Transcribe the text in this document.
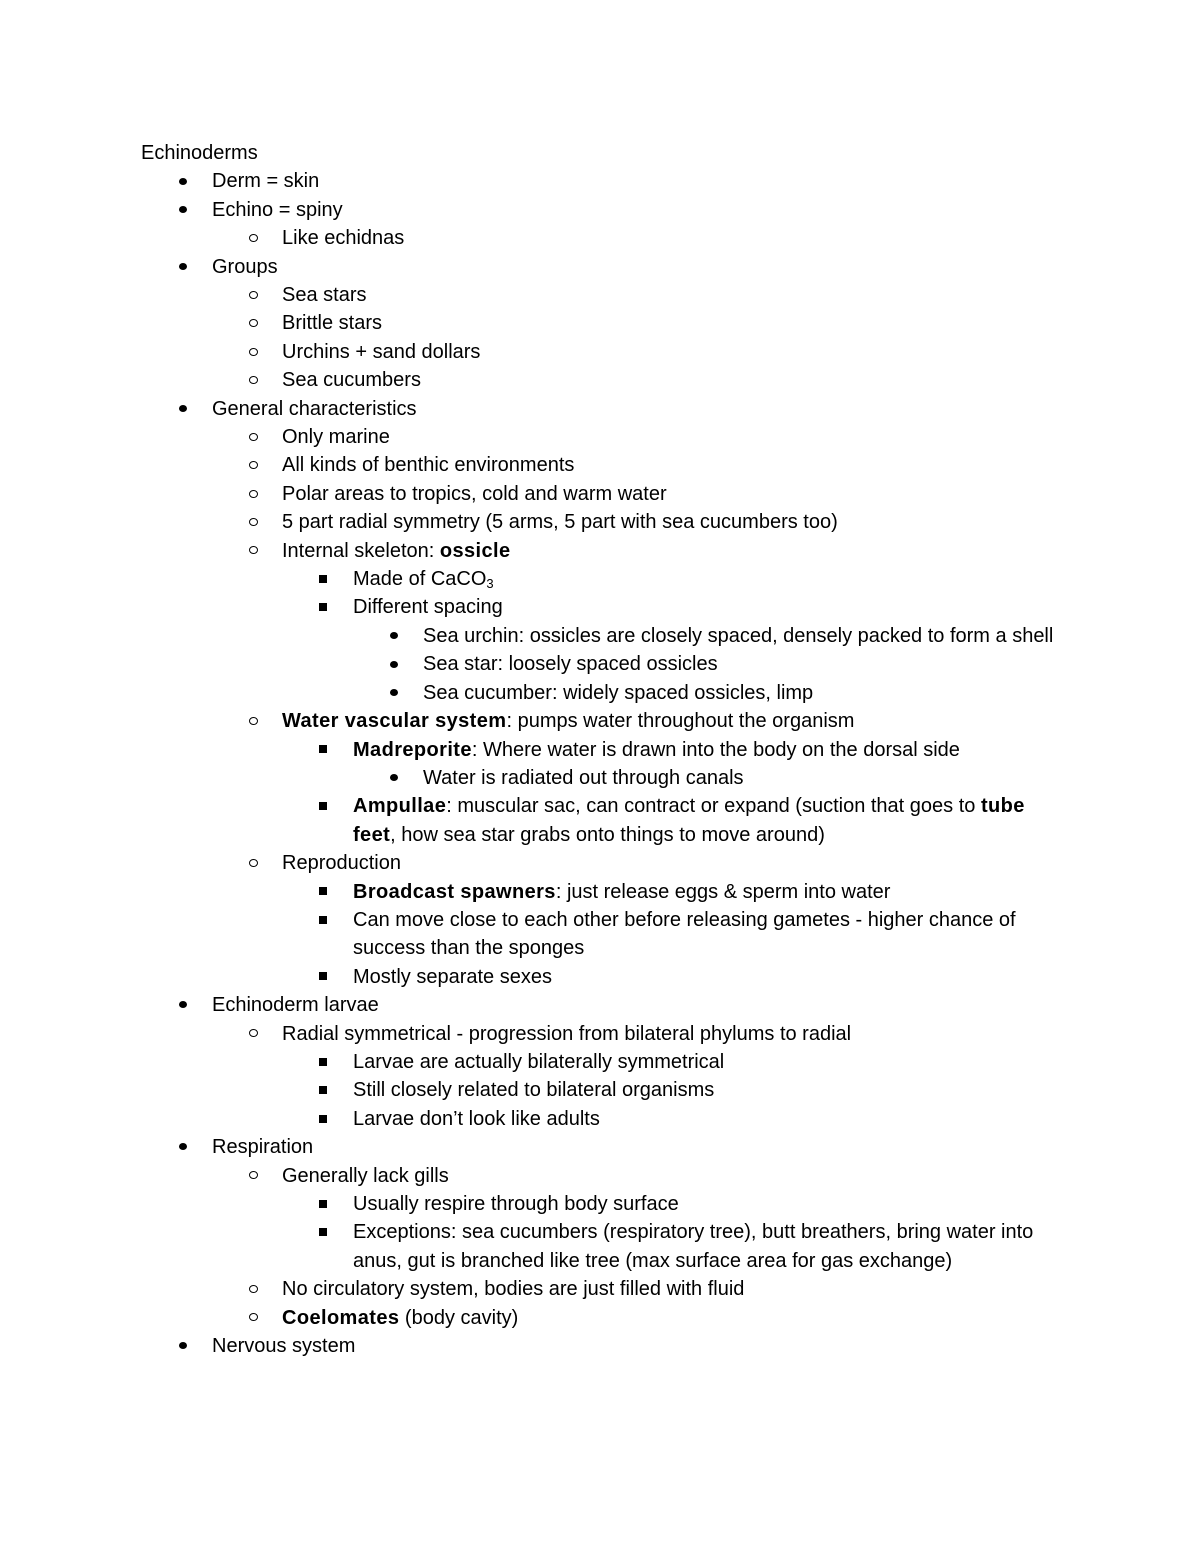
Echinoderms
Derm = skin
Echino = spiny
Like echidnas
Groups
Sea stars
Brittle stars
Urchins + sand dollars
Sea cucumbers
General characteristics
Only marine
All kinds of benthic environments
Polar areas to tropics, cold and warm water
5 part radial symmetry (5 arms, 5 part with sea cucumbers too)
Internal skeleton: ossicle
Made of CaCO$_3$
Different spacing
Sea urchin: ossicles are closely spaced, densely packed to form a shell
Sea star: loosely spaced ossicles
Sea cucumber: widely spaced ossicles, limp
Water vascular system: pumps water throughout the organism
Madreporite: Where water is drawn into the body on the dorsal side
Water is radiated out through canals
Ampullae: muscular sac, can contract or expand (suction that goes to tube feet, how sea star grabs onto things to move around)
Reproduction
Broadcast spawners: just release eggs & sperm into water
Can move close to each other before releasing gametes - higher chance of success than the sponges
Mostly separate sexes
Echinoderm larvae
Radial symmetrical - progression from bilateral phylums to radial
Larvae are actually bilaterally symmetrical
Still closely related to bilateral organisms
Larvae don’t look like adults
Respiration
Generally lack gills
Usually respire through body surface
Exceptions: sea cucumbers (respiratory tree), butt breathers, bring water into anus, gut is branched like tree (max surface area for gas exchange)
No circulatory system, bodies are just filled with fluid
Coelomates (body cavity)
Nervous system
